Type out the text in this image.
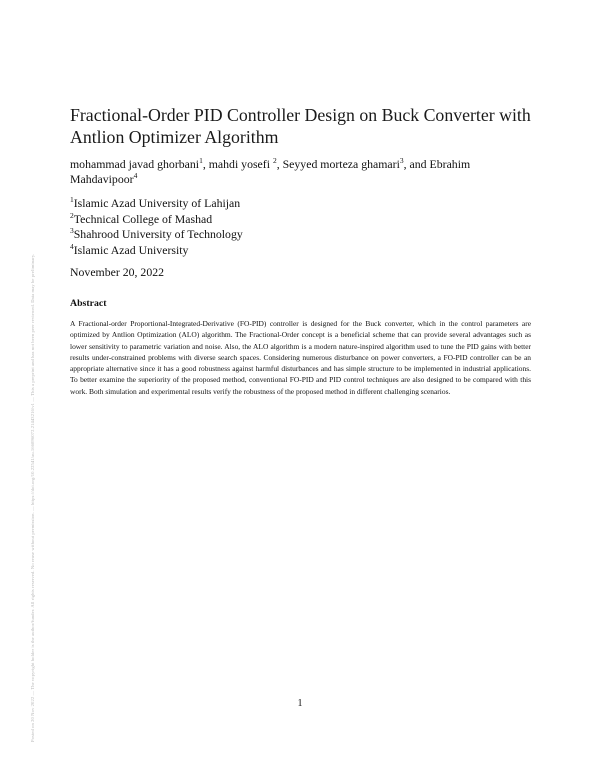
Posted on 20 Nov 2022 — The copyright holder is the author/funder. All rights reserved. No reuse without permission. — https://doi.org/10.22541/au.166896072.21443216/v1 — This a preprint and has not been peer reviewed. Data may be preliminary.
Fractional-Order PID Controller Design on Buck Converter with Antlion Optimizer Algorithm

mohammad javad ghorbani$^1$, mahdi yosefi $^2$, Seyyed morteza ghamari$^3$, and Ebrahim Mahdavipoor$^4$

$^1$Islamic Azad University of Lahijan
$^2$Technical College of Mashad
$^3$Shahrood University of Technology
$^4$Islamic Azad University

November 20, 2022

Abstract

A Fractional-order Proportional-Integrated-Derivative (FO-PID) controller is designed for the Buck converter, which in the control parameters are optimized by Antlion Optimization (ALO) algorithm. The Fractional-Order concept is a beneficial scheme that can provide several advantages such as lower sensitivity to parametric variation and noise. Also, the ALO algorithm is a modern nature-inspired algorithm used to tune the PID gains with better results under-constrained problems with diverse search spaces. Considering numerous disturbance on power converters, a FO-PID controller can be an appropriate alternative since it has a good robustness against harmful disturbances and has simple structure to be implemented in industrial applications. To better examine the superiority of the proposed method, conventional FO-PID and PID control techniques are also designed to be compared with this work. Both simulation and experimental results verify the robustness of the proposed method in different challenging scenarios.

1
